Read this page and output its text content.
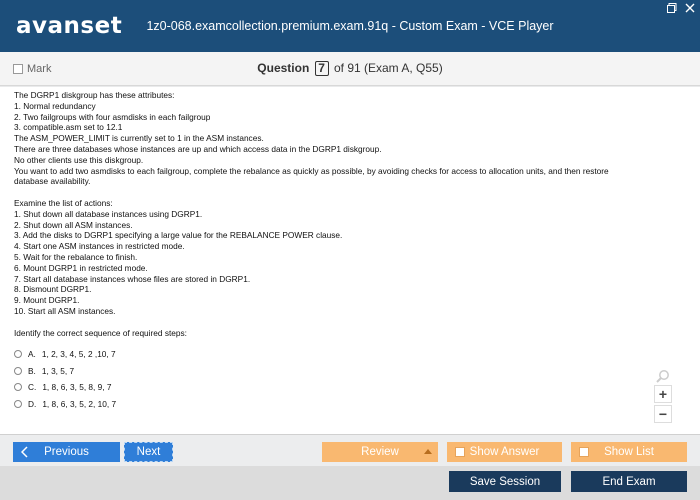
avanset	1z0-068.examcollection.premium.exam.91q - Custom Exam - VCE Player
Mark	Question 7 of 91 (Exam A, Q55)

The DGRP1 diskgroup has these attributes:

1. Normal redundancy

2. Two failgroups with four asmdisks in each failgroup

3. compatible.asm set to 12.1

The ASM_POWER_LIMIT is currently set to 1 in the ASM instances.

There are three databases whose instances are up and which access data in the DGRP1 diskgroup.

No other clients use this diskgroup.

You want to add two asmdisks to each failgroup, complete the rebalance as quickly as possible, by avoiding checks for access to allocation units, and then restore

database availability.

Examine the list of actions:

1. Shut down all database instances using DGRP1.

2. Shut down all ASM instances.

3. Add the disks to DGRP1 specifying a large value for the REBALANCE POWER clause.

4. Start one ASM instances in restricted mode.

5. Wait for the rebalance to finish.

6. Mount DGRP1 in restricted mode.

7. Start all database instances whose files are stored in DGRP1.

8. Dismount DGRP1.

9. Mount DGRP1.

10. Start all ASM instances.

Identify the correct sequence of required steps:

A. 1, 2, 3, 4, 5, 2 ,10, 7
B. 1, 3, 5, 7
C. 1, 8, 6, 3, 5, 8, 9, 7
D. 1, 8, 6, 3, 5, 2, 10, 7
+
−
Previous	Next	Review	Show Answer	Show List
Save Session	End Exam
